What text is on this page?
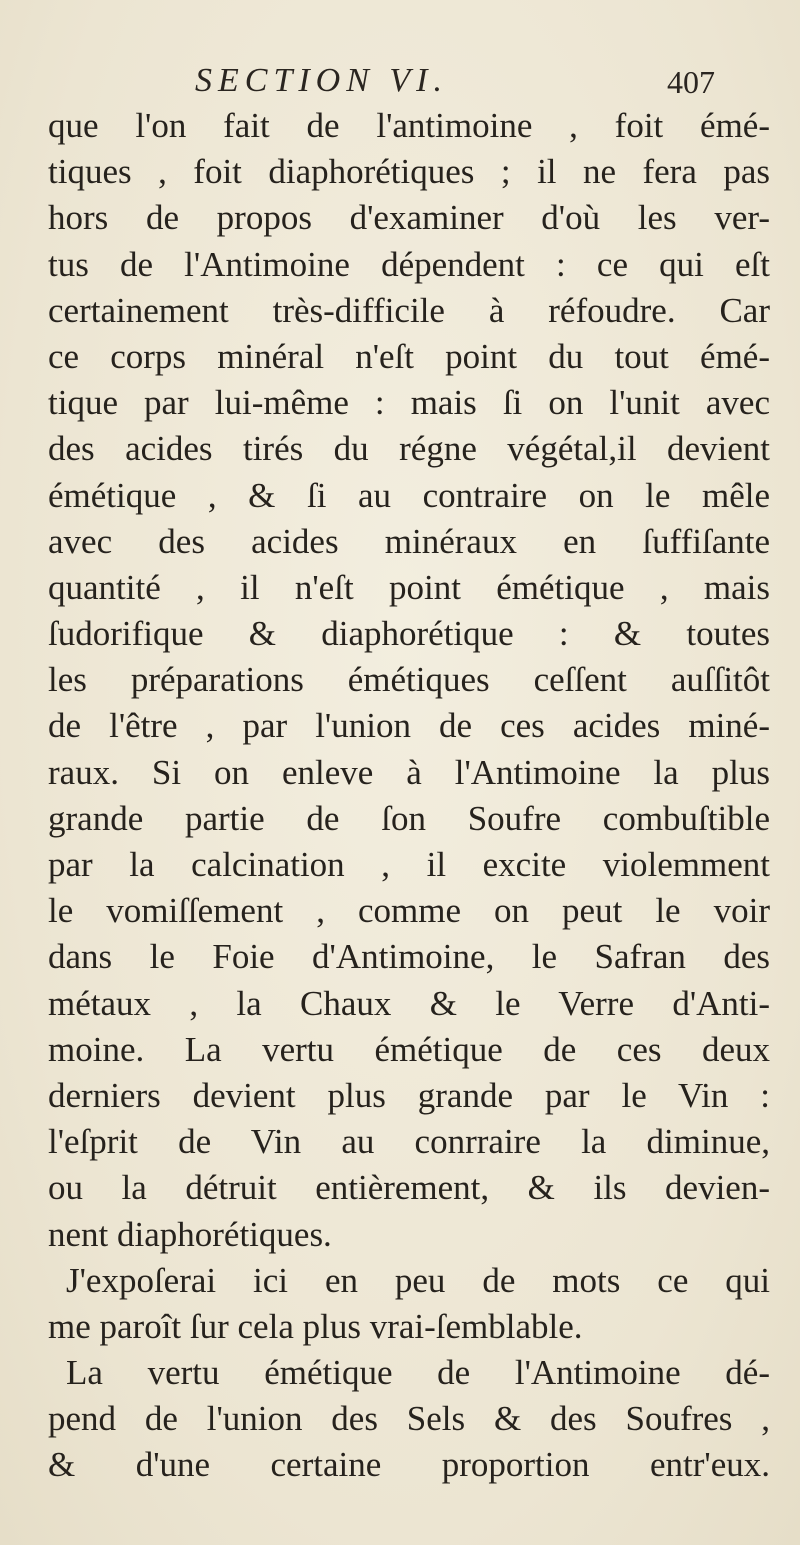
SECTION VI.	407
que l'on fait de l'antimoine , foit émé-
tiques , foit diaphorétiques ; il ne fera pas
hors de propos d'examiner d'où les ver-
tus de l'Antimoine dépendent : ce qui eſt
certainement très-difficile à réfoudre. Car
ce corps minéral n'eſt point du tout émé-
tique par lui-même : mais ſi on l'unit avec
des acides tirés du régne végétal,il devient
émétique , & ſi au contraire on le mêle
avec des acides minéraux en ſuffiſante
quantité , il n'eſt point émétique , mais
ſudorifique & diaphorétique : & toutes
les préparations émétiques ceſſent auſſitôt
de l'être , par l'union de ces acides miné-
raux. Si on enleve à l'Antimoine la plus
grande partie de ſon Soufre combuſtible
par la calcination , il excite violemment
le vomiſſement , comme on peut le voir
dans le Foie d'Antimoine, le Safran des
métaux , la Chaux & le Verre d'Anti-
moine. La vertu émétique de ces deux
derniers devient plus grande par le Vin :
l'eſprit de Vin au conrraire la diminue,
ou la détruit entièrement, & ils devien-
nent diaphorétiques.
J'expoſerai ici en peu de mots ce qui
me paroît ſur cela plus vrai-ſemblable.
La vertu émétique de l'Antimoine dé-
pend de l'union des Sels & des Soufres ,
& d'une certaine proportion entr'eux.
